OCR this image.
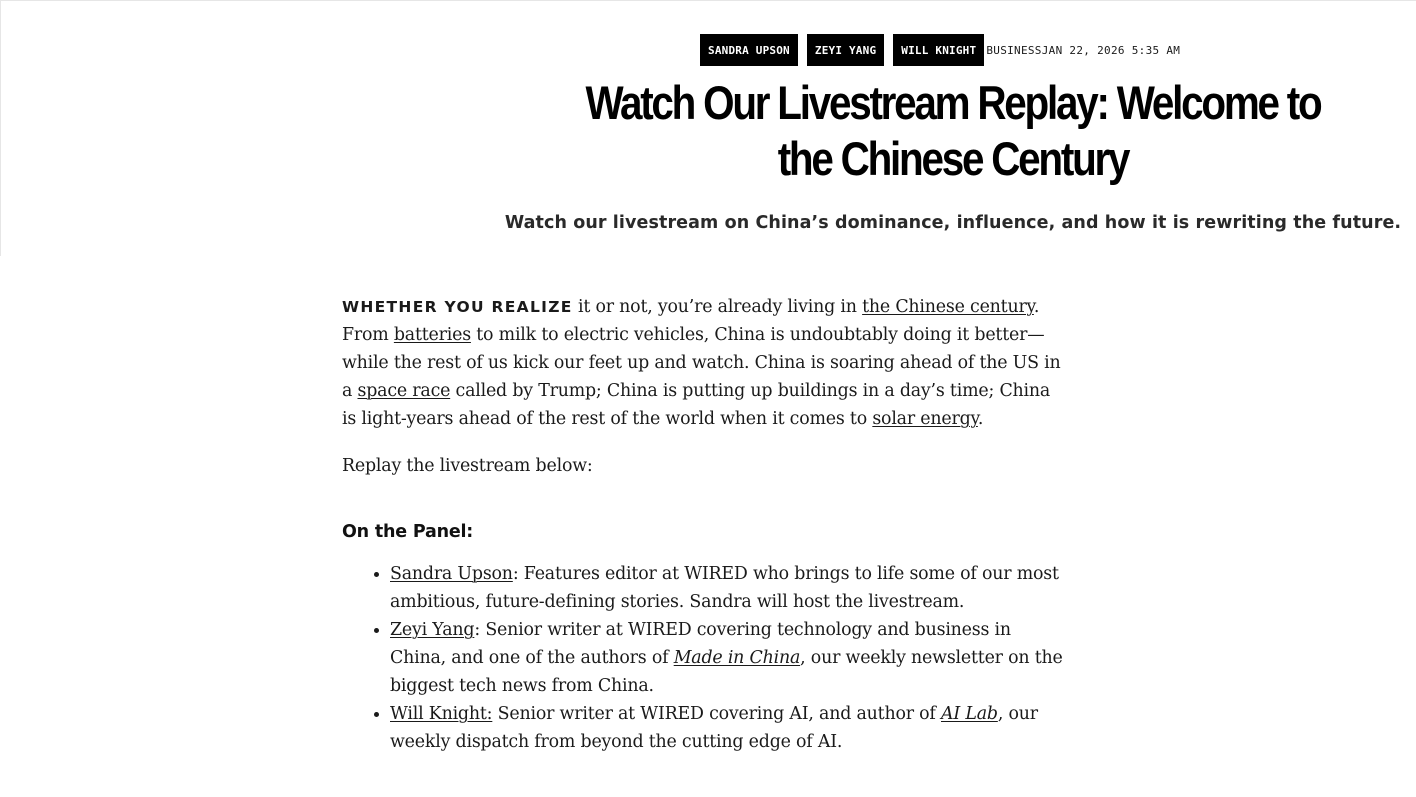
SANDRA UPSON	ZEYI YANG	WILL KNIGHT BUSINESS JAN 22, 2026 5:35 AM
Watch Our Livestream Replay: Welcome to the Chinese Century

Watch our livestream on China’s dominance, influence, and how it is rewriting the future.

WHETHER YOU REALIZE it or not, you’re already living in the Chinese century. From batteries to milk to electric vehicles, China is undoubtably doing it better—while the rest of us kick our feet up and watch. China is soaring ahead of the US in a space race called by Trump; China is putting up buildings in a day’s time; China is light-years ahead of the rest of the world when it comes to solar energy.

Replay the livestream below:

On the Panel:
• Sandra Upson: Features editor at WIRED who brings to life some of our most ambitious, future-defining stories. Sandra will host the livestream.
• Zeyi Yang: Senior writer at WIRED covering technology and business in China, and one of the authors of Made in China, our weekly newsletter on the biggest tech news from China.
• Will Knight: Senior writer at WIRED covering AI, and author of AI Lab, our weekly dispatch from beyond the cutting edge of AI.
